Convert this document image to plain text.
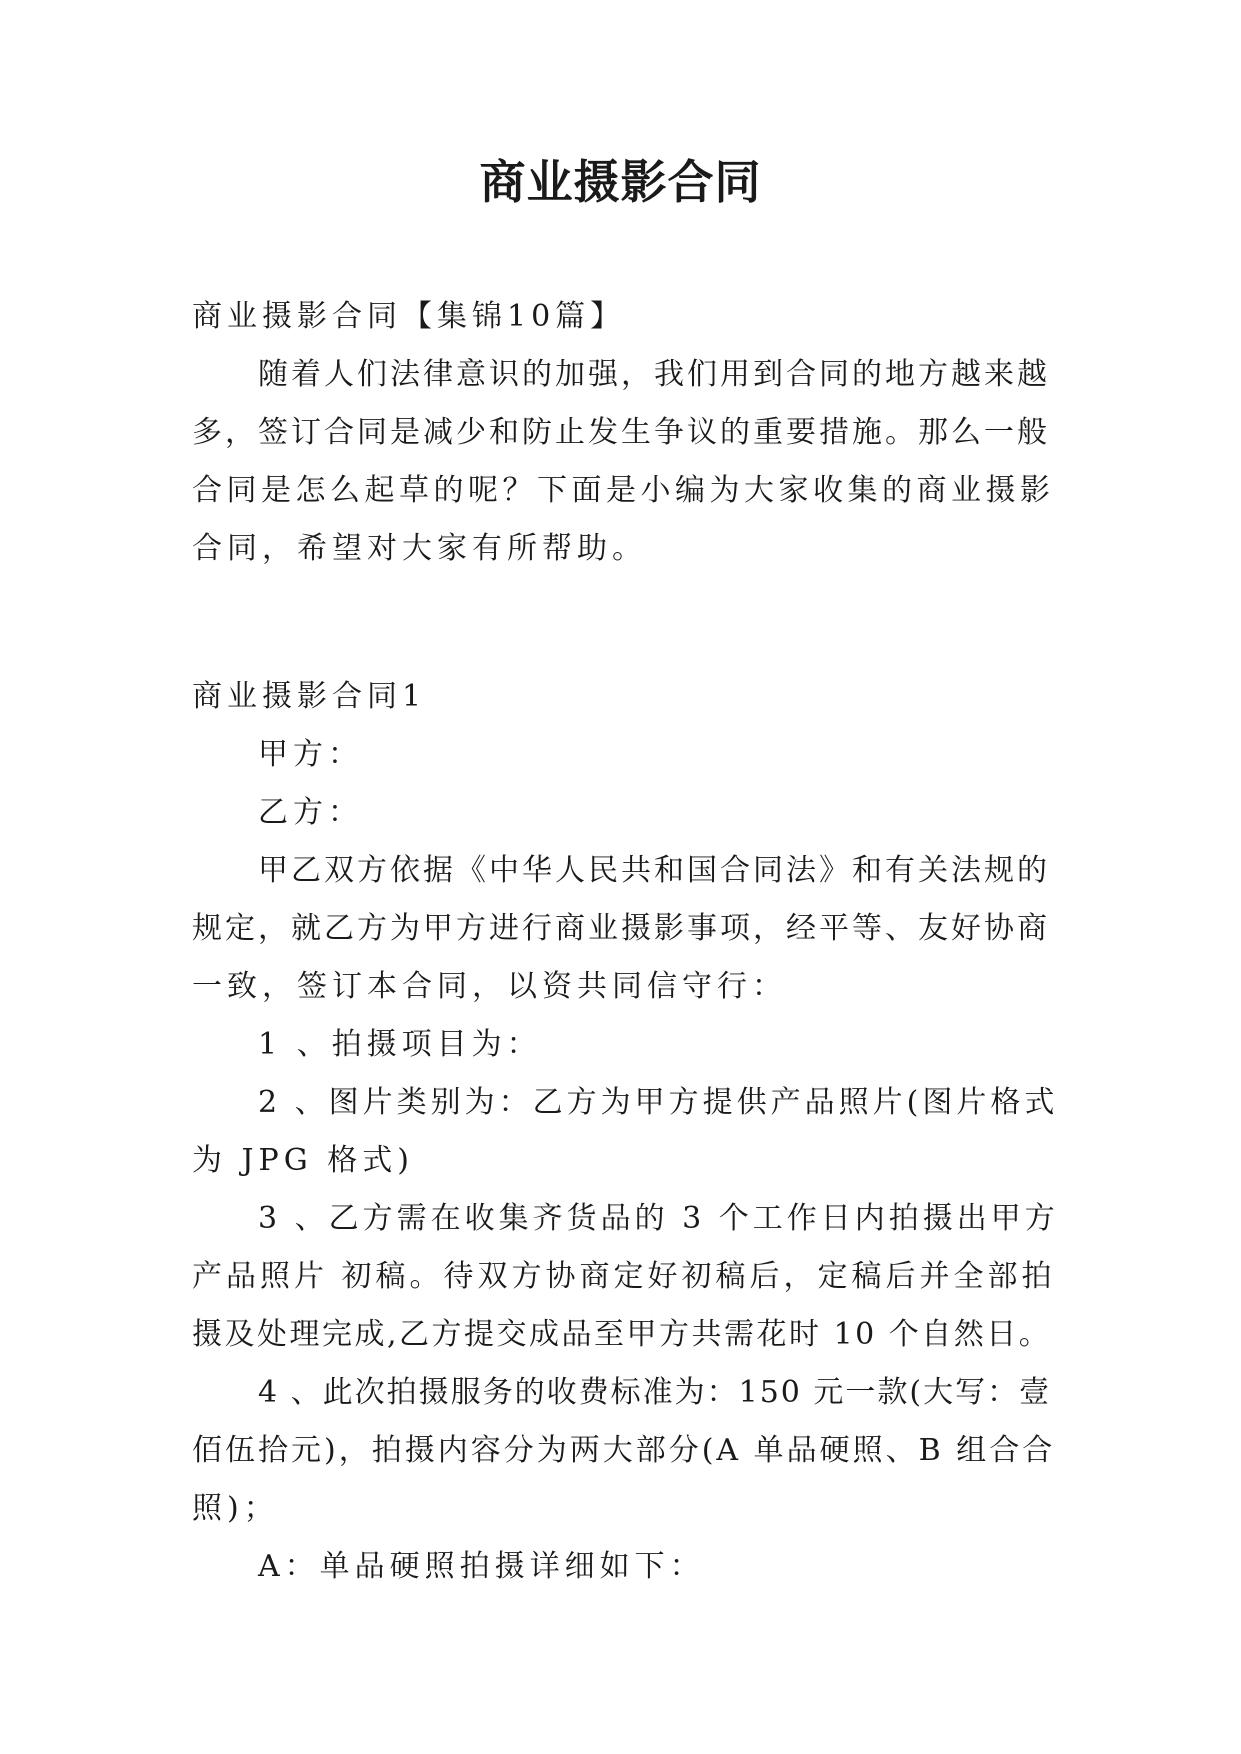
商业摄影合同

商业摄影合同【集锦10篇】

随着人们法律意识的加强，我们用到合同的地方越来越

多，签订合同是减少和防止发生争议的重要措施。那么一般

合同是怎么起草的呢？下面是小编为大家收集的商业摄影

合同，希望对大家有所帮助。

商业摄影合同1

甲方：

乙方：

甲乙双方依据《中华人民共和国合同法》和有关法规的

规定，就乙方为甲方进行商业摄影事项，经平等、友好协商

一致，签订本合同，以资共同信守行：

1 、拍摄项目为：

2 、图片类别为：乙方为甲方提供产品照片(图片格式

为 JPG 格式)

3 、乙方需在收集齐货品的 3 个工作日内拍摄出甲方

产品照片 初稿。待双方协商定好初稿后，定稿后并全部拍

摄及处理完成,乙方提交成品至甲方共需花时 10 个自然日。

4 、此次拍摄服务的收费标准为：150 元一款(大写：壹

佰伍拾元)，拍摄内容分为两大部分(A 单品硬照、B 组合合

照)；

A：单品硬照拍摄详细如下：
